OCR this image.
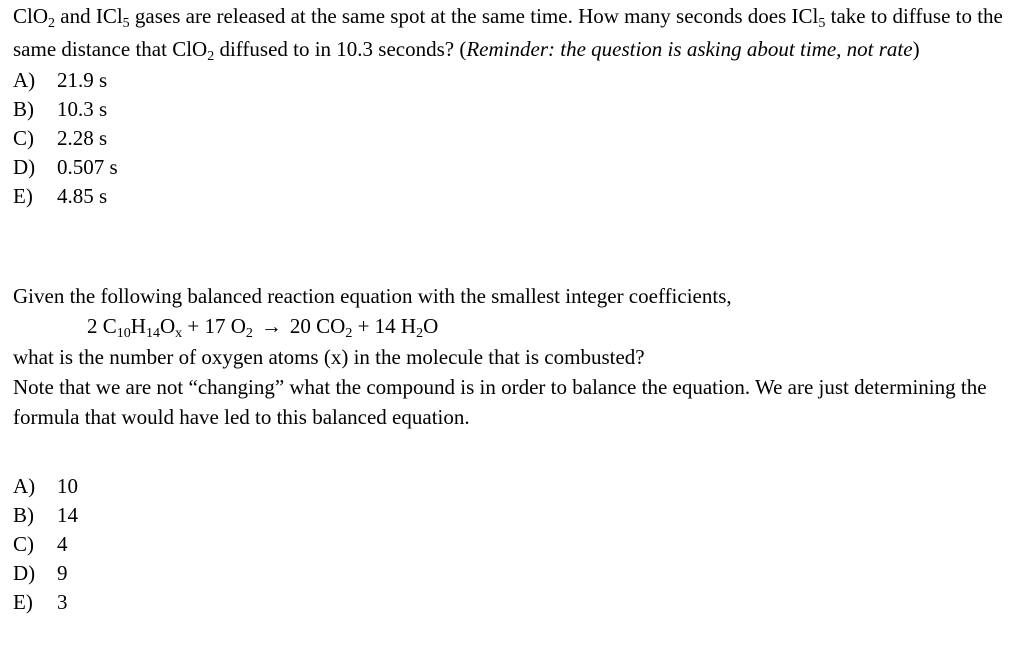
ClO$_2$ and ICl$_5$ gases are released at the same spot at the same time. How many seconds does ICl$_5$ take to diffuse to the same distance that ClO$_2$ diffused to in 10.3 seconds? (Reminder: the question is asking about time, not rate)

A) 21.9 s
B) 10.3 s
C) 2.28 s
D) 0.507 s
E) 4.85 s
Given the following balanced reaction equation with the smallest integer coefficients,
2 $C_{10}H_{14}O_x + 17$ $O_2 \to 20$ $CO_2 + 14$ $H_2O$
what is the number of oxygen atoms (x) in the molecule that is combusted?
Note that we are not “changing” what the compound is in order to balance the equation. We are just determining the formula that would have led to this balanced equation.
A) 10
B) 14
C) 4
D) 9
E) 3
